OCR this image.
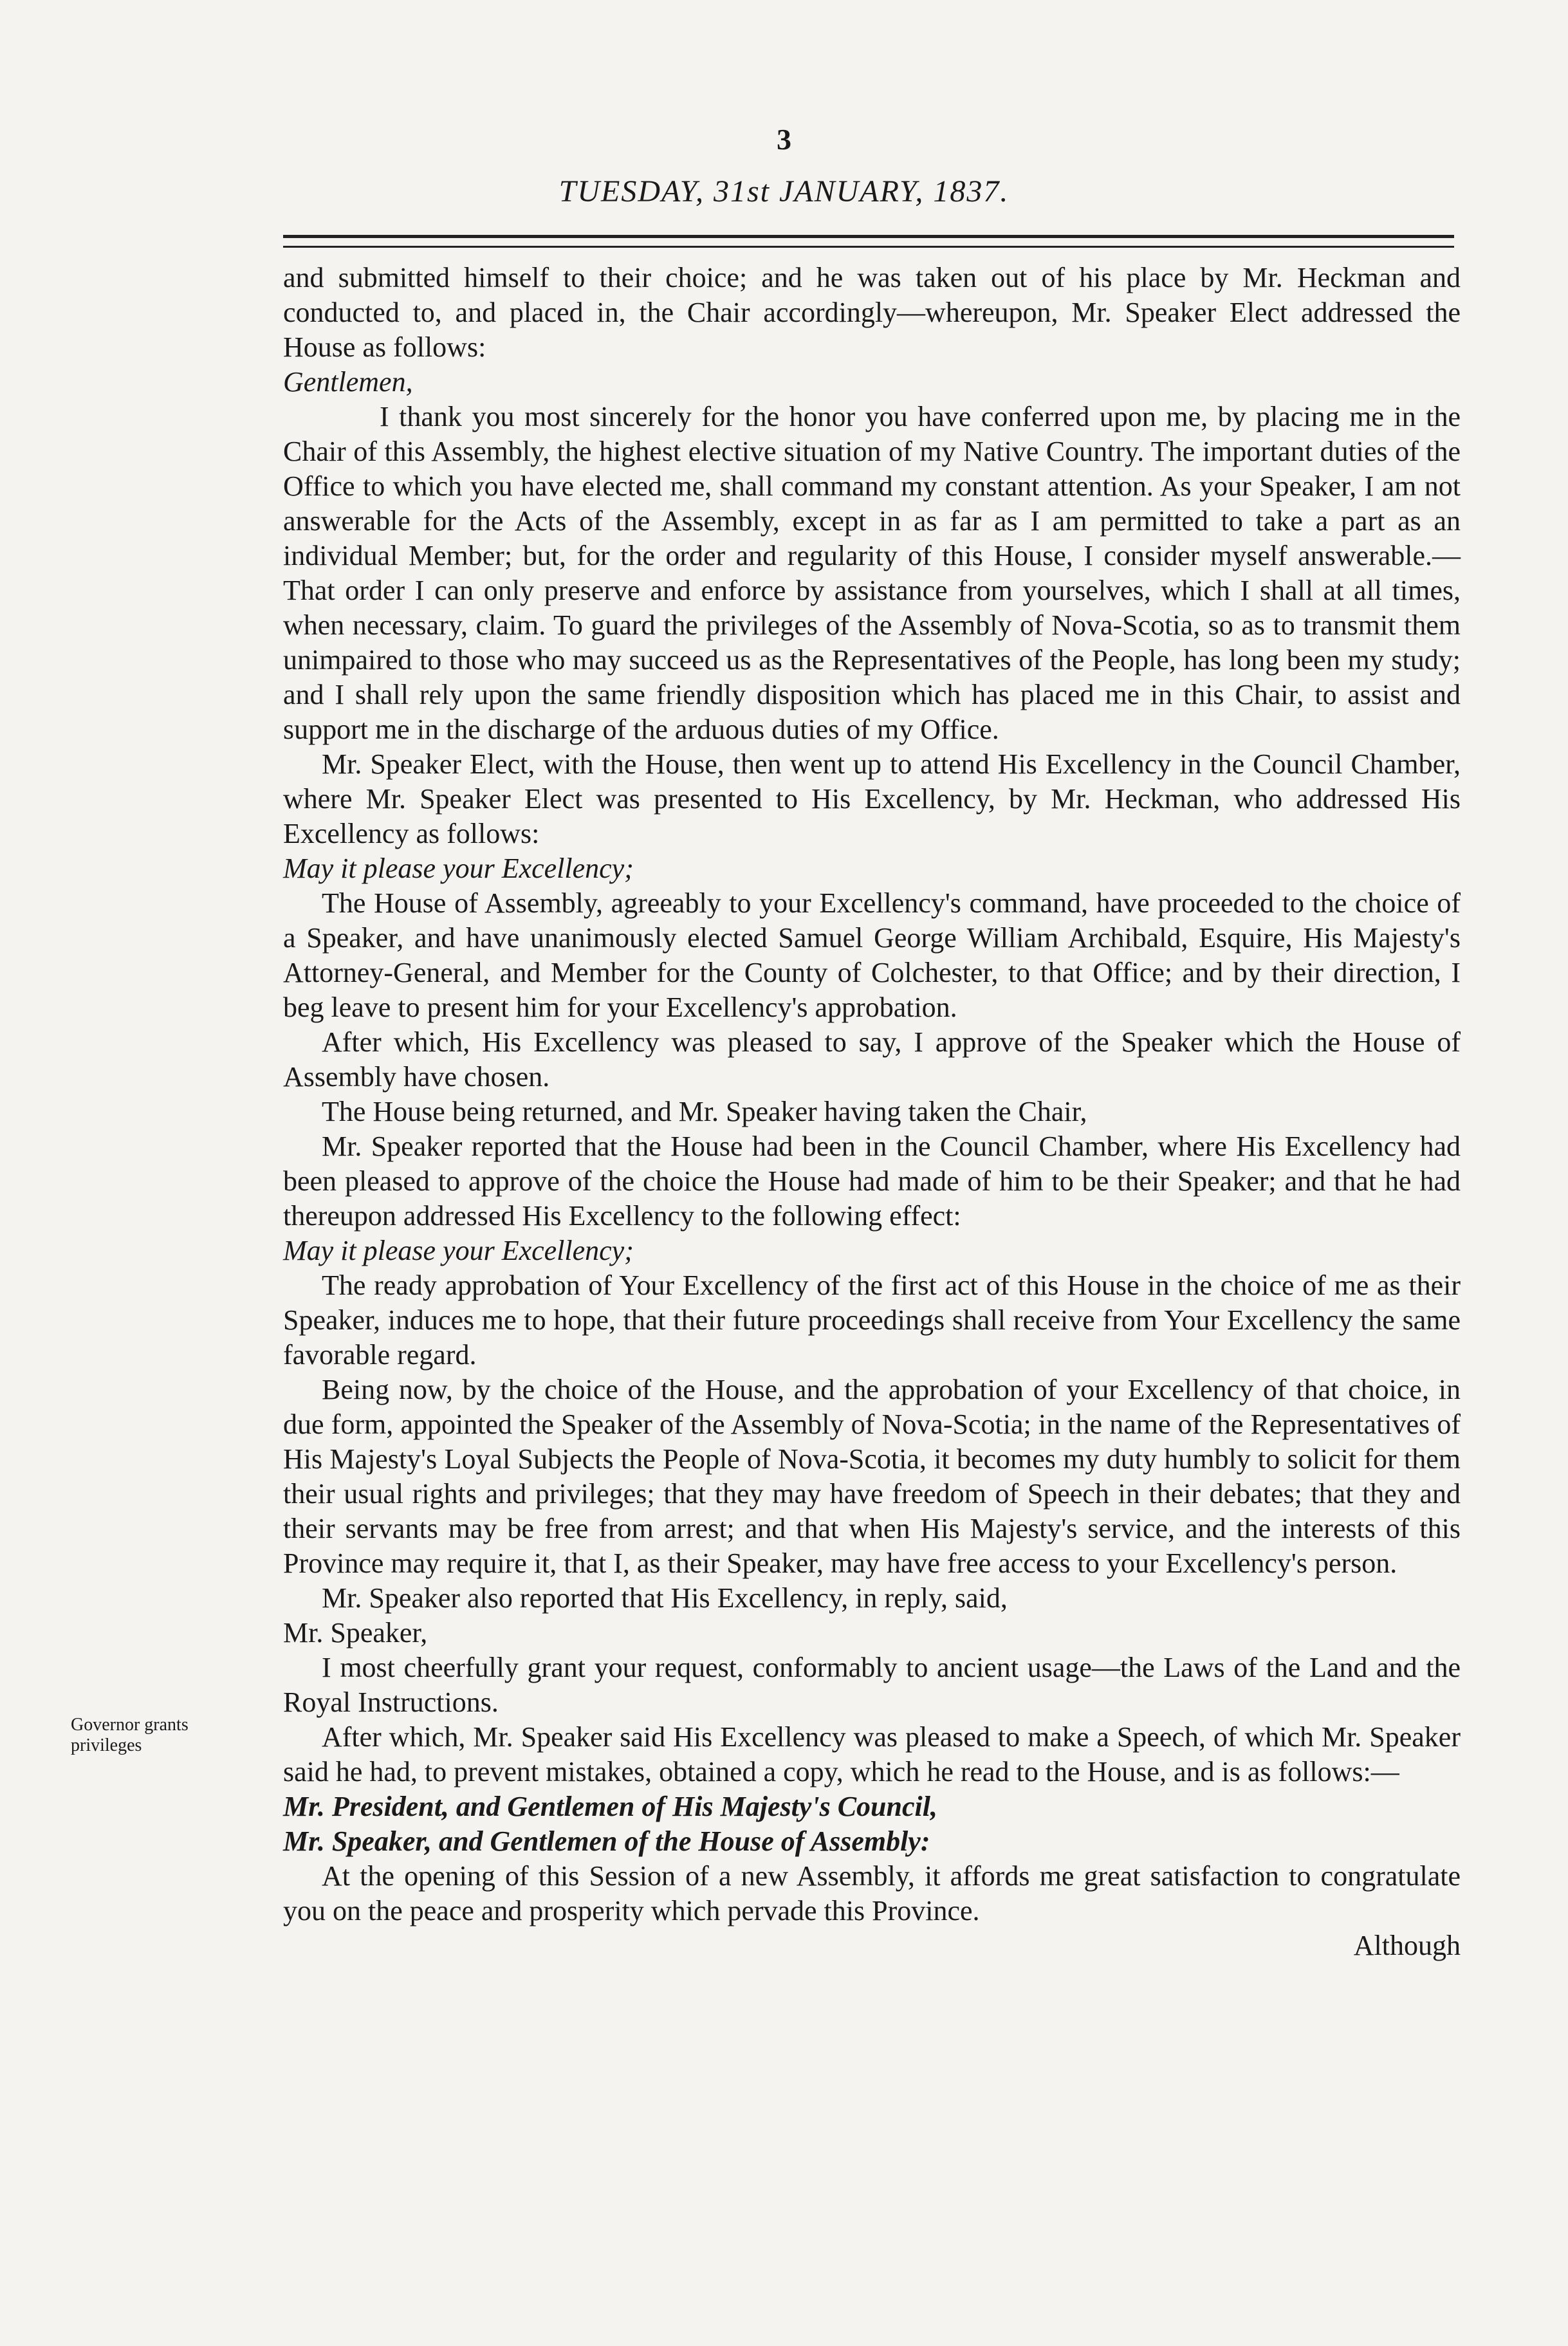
3
TUESDAY, 31st JANUARY, 1837.
Governor grants privileges

and submitted himself to their choice; and he was taken out of his place by Mr. Heckman and conducted to, and placed in, the Chair accordingly—whereupon, Mr. Speaker Elect addressed the House as follows:

Gentlemen,

I thank you most sincerely for the honor you have conferred upon me, by placing me in the Chair of this Assembly, the highest elective situation of my Native Country. The important duties of the Office to which you have elected me, shall command my constant attention. As your Speaker, I am not answerable for the Acts of the Assembly, except in as far as I am permitted to take a part as an individual Member; but, for the order and regularity of this House, I consider myself answerable.—That order I can only preserve and enforce by assistance from yourselves, which I shall at all times, when necessary, claim. To guard the privileges of the Assembly of Nova-Scotia, so as to transmit them unimpaired to those who may succeed us as the Representatives of the People, has long been my study; and I shall rely upon the same friendly disposition which has placed me in this Chair, to assist and support me in the discharge of the arduous duties of my Office.

Mr. Speaker Elect, with the House, then went up to attend His Excellency in the Council Chamber, where Mr. Speaker Elect was presented to His Excellency, by Mr. Heckman, who addressed His Excellency as follows:

May it please your Excellency;

The House of Assembly, agreeably to your Excellency's command, have proceeded to the choice of a Speaker, and have unanimously elected Samuel George William Archibald, Esquire, His Majesty's Attorney-General, and Member for the County of Colchester, to that Office; and by their direction, I beg leave to present him for your Excellency's approbation.

After which, His Excellency was pleased to say, I approve of the Speaker which the House of Assembly have chosen.

The House being returned, and Mr. Speaker having taken the Chair,

Mr. Speaker reported that the House had been in the Council Chamber, where His Excellency had been pleased to approve of the choice the House had made of him to be their Speaker; and that he had thereupon addressed His Excellency to the following effect:

May it please your Excellency;

The ready approbation of Your Excellency of the first act of this House in the choice of me as their Speaker, induces me to hope, that their future proceedings shall receive from Your Excellency the same favorable regard.

Being now, by the choice of the House, and the approbation of your Excellency of that choice, in due form, appointed the Speaker of the Assembly of Nova-Scotia; in the name of the Representatives of His Majesty's Loyal Subjects the People of Nova-Scotia, it becomes my duty humbly to solicit for them their usual rights and privileges; that they may have freedom of Speech in their debates; that they and their servants may be free from arrest; and that when His Majesty's service, and the interests of this Province may require it, that I, as their Speaker, may have free access to your Excellency's person.

Mr. Speaker also reported that His Excellency, in reply, said,

Mr. Speaker,

I most cheerfully grant your request, conformably to ancient usage—the Laws of the Land and the Royal Instructions.

After which, Mr. Speaker said His Excellency was pleased to make a Speech, of which Mr. Speaker said he had, to prevent mistakes, obtained a copy, which he read to the House, and is as follows:—

Mr. President, and Gentlemen of His Majesty's Council,

Mr. Speaker, and Gentlemen of the House of Assembly:

At the opening of this Session of a new Assembly, it affords me great satisfaction to congratulate you on the peace and prosperity which pervade this Province.

Although
